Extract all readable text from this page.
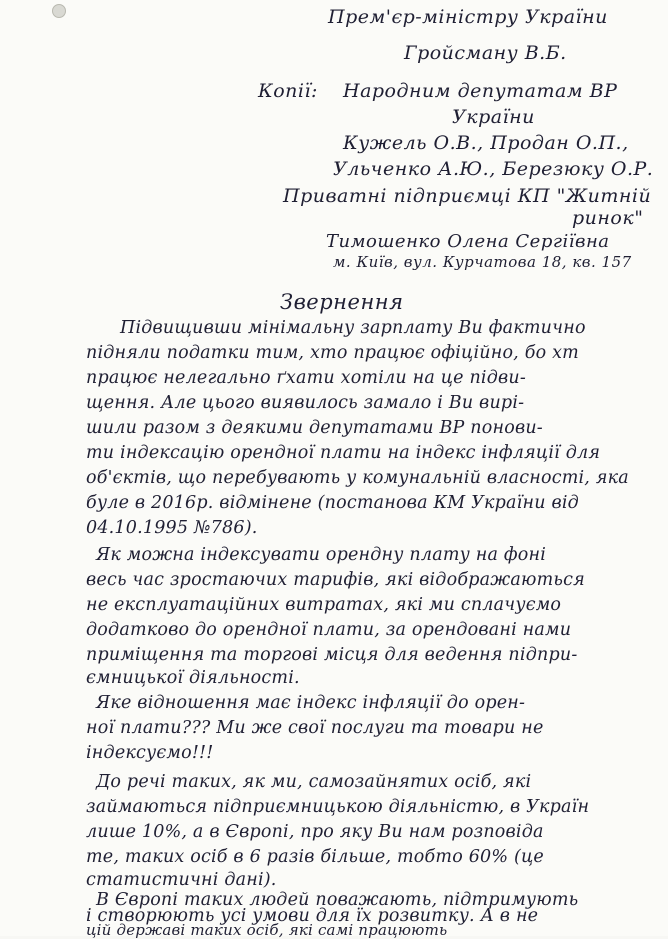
Прем'єр-міністру України
Гройсману В.Б.
Копії: Народним депутатам ВР
України
Кужель О.В., Продан О.П.,
Ульченко А.Ю., Березюку О.Р.
Приватні підприємці КП "Житній
ринок"
Тимошенко Олена Сергіївна
м. Київ, вул. Курчатова 18, кв. 157
Звернення
Підвищивши мінімальну зарплату Ви фактично
підняли податки тим, хто працює офіційно, бо хт
працює нелегально ґхати хотіли на це підви-
щення. Але цього виявилось замало і Ви вирі-
шили разом з деякими депутатами ВР понови-
ти індексацію орендної плати на індекс інфляції для
об'єктів, що перебувають у комунальній власності, яка
буле в 2016р. відмінене (постанова КМ України від
04.10.1995 №786).
Як можна індексувати орендну плату на фоні
весь час зростаючих тарифів, які відображаються
не експлуатаційних витратах, які ми сплачуємо
додатково до орендної плати, за орендовані нами
приміщення та торгові місця для ведення підпри-
ємницької діяльності.
Яке відношення має індекс інфляції до орен-
ної плати??? Ми же свої послуги та товари не
індексуємо!!!
До речі таких, як ми, самозайнятих осіб, які
займаються підприємницькою діяльністю, в Україн
лише 10%, а в Європі, про яку Ви нам розповіда
те, таких осіб в 6 разів більше, тобто 60% (це
статистичні дані).
В Європі таких людей поважають, підтримують
і створюють усі умови для їх розвитку. А в не
цій державі таких осіб, які самі працюють
